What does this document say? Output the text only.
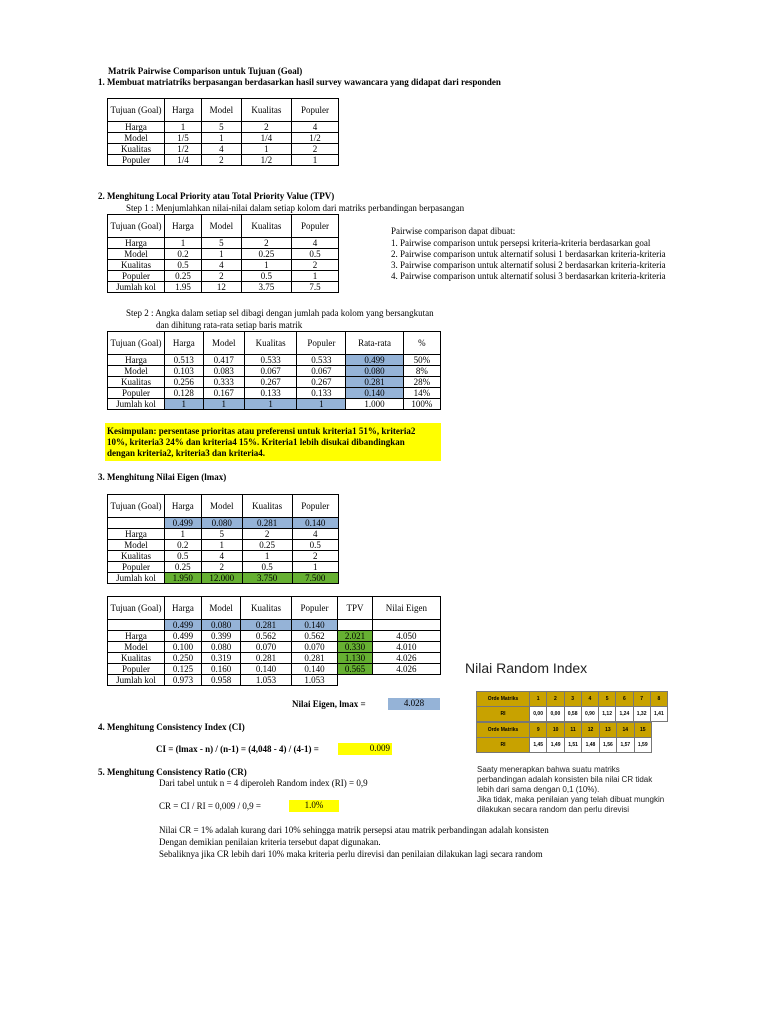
Matrik Pairwise Comparison untuk Tujuan (Goal)
1. Membuat matriatriks berpasangan berdasarkan hasil survey wawancara yang didapat dari responden
Tujuan (Goal)	Harga	Model	Kualitas	Populer
Harga	1	5	2	4
Model	1/5	1	1/4	1/2
Kualitas	1/2	4	1	2
Populer	1/4	2	1/2	1
2. Menghitung Local Priority atau Total Priority Value (TPV)
Step 1 : Menjumlahkan nilai-nilai dalam setiap kolom dari matriks perbandingan berpasangan
Tujuan (Goal)	Harga	Model	Kualitas	Populer
Harga	1	5	2	4
Model	0.2	1	0.25	0.5
Kualitas	0.5	4	1	2
Populer	0.25	2	0.5	1
Jumlah kol	1.95	12	3.75	7.5
Pairwise comparison dapat dibuat:
1. Pairwise comparison untuk persepsi kriteria-kriteria berdasarkan goal
2. Pairwise comparison untuk alternatif solusi 1 berdasarkan kriteria-kriteria
3. Pairwise comparison untuk alternatif solusi 2 berdasarkan kriteria-kriteria
4. Pairwise comparison untuk alternatif solusi 3 berdasarkan kriteria-kriteria
Step 2 : Angka dalam setiap sel dibagi dengan jumlah pada kolom yang bersangkutan
dan dihitung rata-rata setiap baris matrik
Tujuan (Goal)	Harga	Model	Kualitas	Populer	Rata-rata	%
Harga	0.513	0.417	0.533	0.533	0.499	50%
Model	0.103	0.083	0.067	0.067	0.080	8%
Kualitas	0.256	0.333	0.267	0.267	0.281	28%
Populer	0.128	0.167	0.133	0.133	0.140	14%
Jumlah kol	1	1	1	1	1.000	100%
Kesimpulan: persentase prioritas atau preferensi untuk kriteria1 51%, kriteria2
10%, kriteria3 24% dan kriteria4 15%. Kriteria1 lebih disukai dibandingkan
dengan kriteria2, kriteria3 dan kriteria4.
3. Menghitung Nilai Eigen (lmax)
Tujuan (Goal)	Harga	Model	Kualitas	Populer
	0.499	0.080	0.281	0.140
Harga	1	5	2	4
Model	0.2	1	0.25	0.5
Kualitas	0.5	4	1	2
Populer	0.25	2	0.5	1
Jumlah kol	1.950	12.000	3.750	7.500
Tujuan (Goal)	Harga	Model	Kualitas	Populer	TPV	Nilai Eigen
	0.499	0.080	0.281	0.140		
Harga	0.499	0.399	0.562	0.562	2.021	4.050
Model	0.100	0.080	0.070	0.070	0.330	4.010
Kualitas	0.250	0.319	0.281	0.281	1.130	4.026
Populer	0.125	0.160	0.140	0.140	0.565	4.026
Jumlah kol	0.973	0.958	1.053	1.053		
Nilai Eigen, lmax =	4.028
Nilai Random Index
Orde Matriks	1	2	3	4	5	6	7	8
RI	0,00	0,00	0,58	0,90	1,12	1,24	1,32	1,41
Orde Matriks	9	10	11	12	13	14	15
RI	1,45	1,49	1,51	1,48	1,56	1,57	1,59
Saaty menerapkan bahwa suatu matriks
perbandingan adalah konsisten bila nilai CR tidak
lebih dari sama dengan 0,1 (10%).
Jika tidak, maka penilaian yang telah dibuat mungkin
dilakukan secara random dan perlu direvisi
4. Menghitung Consistency Index (CI)
CI = (lmax - n) / (n-1) = (4,048 - 4) / (4-1) =	0.009
5. Menghitung Consistency Ratio (CR)
Dari tabel untuk n = 4 diperoleh Random index (RI) = 0,9
CR = CI / RI = 0,009 / 0,9 =	1.0%
Nilai CR = 1% adalah kurang dari 10% sehingga matrik persepsi atau matrik perbandingan adalah konsisten
Dengan demikian penilaian kriteria tersebut dapat digunakan.
Sebaliknya jika CR lebih dari 10% maka kriteria perlu direvisi dan penilaian dilakukan lagi secara random
